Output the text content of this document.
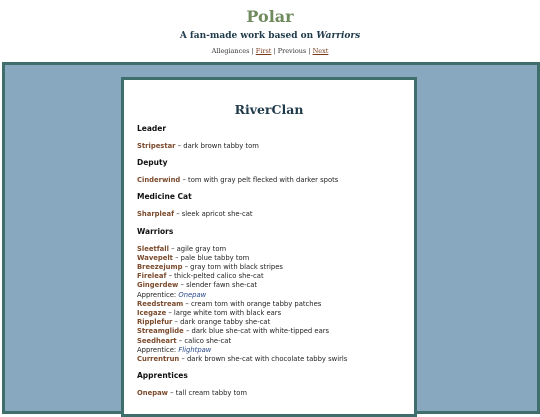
Polar
A fan-made work based on Warriors
Allegiances | First | Previous | Next
RiverClan
Leader
Stripestar – dark brown tabby tom
Deputy
Cinderwind – tom with gray pelt flecked with darker spots
Medicine Cat
Sharpleaf – sleek apricot she-cat
Warriors
Sleetfall – agile gray tom
Wavepelt – pale blue tabby tom
Breezejump – gray tom with black stripes
Fireleaf – thick-pelted calico she-cat
Gingerdew – slender fawn she-cat
Apprentice: Onepaw
Reedstream – cream tom with orange tabby patches
Icegaze – large white tom with black ears
Ripplefur – dark orange tabby she-cat
Streamglide – dark blue she-cat with white-tipped ears
Seedheart – calico she-cat
Apprentice: Flightpaw
Currentrun – dark brown she-cat with chocolate tabby swirls
Apprentices
Onepaw – tall cream tabby tom
